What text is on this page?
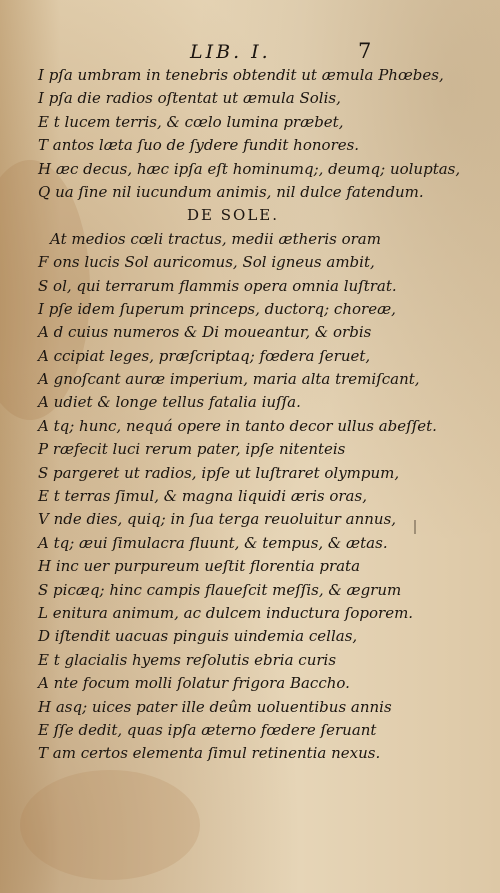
LIB. I.	7
I pſa umbram in tenebris obtendit ut æmula Phœbes,
I pſa die radios oſtentat ut æmula Solis,
E t lucem terris, & cœlo lumina præbet,
T antos læta ſuo de ſydere fundit honores.
H æc decus, hæc ipſa eſt hominumq;, deumq; uoluptas,
Q ua ſine nil iucundum animis, nil dulce fatendum.
DE SOLE.
At medios cœli tractus, medii ætheris oram
F ons lucis Sol auricomus, Sol igneus ambit,
S ol, qui terrarum flammis opera omnia luſtrat.
I pſe idem ſuperum princeps, ductorq; choreæ,
A d cuius numeros & Di moueantur, & orbis
A ccipiat leges, præſcriptaq; fœdera ſeruet,
A gnoſcant auræ imperium, maria alta tremiſcant,
A udiet & longe tellus fatalia iuſſa.
A tq; hunc, nequá opere in tanto decor ullus abeſſet.
P ræfecit luci rerum pater, ipſe nitenteis
S pargeret ut radios, ipſe ut luſtraret olympum,
E t terras ſimul, & magna liquidi æris oras,
V nde dies, quiq; in ſua terga reuoluitur annus,
A tq; æui ſimulacra fluunt, & tempus, & ætas.
H inc uer purpureum ueſtit florentia prata
S picæq; hinc campis flaueſcit meſſis, & ægrum
L enitura animum, ac dulcem inductura ſoporem.
D iſtendit uacuas pinguis uindemia cellas,
E t glacialis hyems reſolutis ebria curis
A nte focum molli ſolatur frigora Baccho.
H asq; uices pater ille deûm uoluentibus annis
E ſſe dedit, quas ipſa æterno fœdere ſeruant
T am certos elementa ſimul retinentia nexus.
